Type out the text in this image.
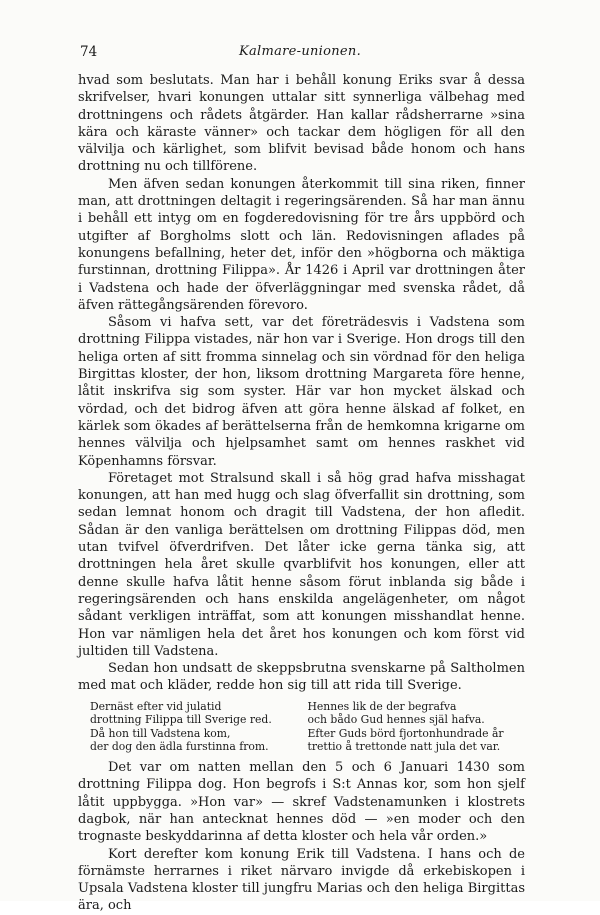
74	Kalmare-unionen.

hvad som beslutats. Man har i behåll konung Eriks svar å dessa skrifvelser, hvari konungen uttalar sitt synnerliga välbehag med drottningens och rådets åtgärder. Han kallar rådsherrarne »sina kära och käraste vänner» och tackar dem högligen för all den välvilja och kärlighet, som blifvit bevisad både honom och hans drottning nu och tillförene.

Men äfven sedan konungen återkommit till sina riken, finner man, att drottningen deltagit i regeringsärenden. Så har man ännu i behåll ett intyg om en fogderedovisning för tre års uppbörd och utgifter af Borgholms slott och län. Redovisningen aflades på konungens befallning, heter det, inför den »högborna och mäktiga furstinnan, drottning Filippa». År 1426 i April var drottningen åter i Vadstena och hade der öfverläggningar med svenska rådet, då äfven rättegångsärenden förevoro.

Såsom vi hafva sett, var det företrädesvis i Vadstena som drottning Filippa vistades, när hon var i Sverige. Hon drogs till den heliga orten af sitt fromma sinnelag och sin vördnad för den heliga Birgittas kloster, der hon, liksom drottning Margareta före henne, låtit inskrifva sig som syster. Här var hon mycket älskad och vördad, och det bidrog äfven att göra henne älskad af folket, en kärlek som ökades af berättelserna från de hemkomna krigarne om hennes välvilja och hjelpsamhet samt om hennes raskhet vid Köpenhamns försvar.

Företaget mot Stralsund skall i så hög grad hafva misshagat konungen, att han med hugg och slag öfverfallit sin drottning, som sedan lemnat honom och dragit till Vadstena, der hon afledit. Sådan är den vanliga berättelsen om drottning Filippas död, men utan tvifvel öfverdrifven. Det låter icke gerna tänka sig, att drottningen hela året skulle qvarblifvit hos konungen, eller att denne skulle hafva låtit henne såsom förut inblanda sig både i regeringsärenden och hans enskilda angelägenheter, om något sådant verkligen inträffat, som att konungen misshandlat henne. Hon var nämligen hela det året hos konungen och kom först vid jultiden till Vadstena.

Sedan hon undsatt de skeppsbrutna svenskarne på Saltholmen med mat och kläder, redde hon sig till att rida till Sverige.

Dernäst efter vid julatid
drottning Filippa till Sverige red.
Då hon till Vadstena kom,
der dog den ädla furstinna from.
Hennes lik de der begrafva
och bådo Gud hennes själ hafva.
Efter Guds börd fjortonhundrade år
trettio å trettonde natt jula det var.

Det var om natten mellan den 5 och 6 Januari 1430 som drottning Filippa dog. Hon begrofs i S:t Annas kor, som hon sjelf låtit uppbygga. »Hon var» — skref Vadstenamunken i klostrets dagbok, när han antecknat hennes död — »en moder och den trognaste beskyddarinna af detta kloster och hela vår orden.»

Kort derefter kom konung Erik till Vadstena. I hans och de förnämste herrarnes i riket närvaro invigde då erkebiskopen i Upsala Vadstena kloster till jungfru Marias och den heliga Birgittas ära, och
